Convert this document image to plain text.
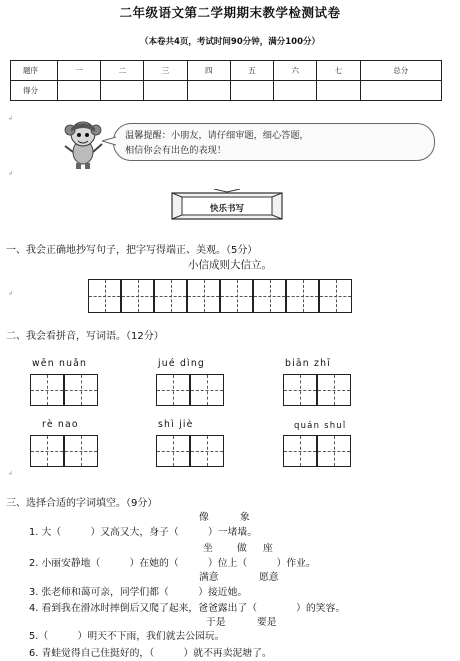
二年级语文第二学期期末教学检测试卷
（本卷共4页，考试时间90分钟，满分100分）
题序	一	二	三	四	五	六	七	总分
得分								
温馨提醒：小朋友，请仔细审题，细心答题，
相信你会有出色的表现！
快乐书写
一、我会正确地抄写句子，把字写得端正、美观。（5分）
小信成则大信立。
二、我会看拼音，写词语。（12分）
wēn nuǎn	jué dìng	biān zhī
rè nao	shì jiè	quán shuǐ
三、选择合适的字词填空。（9分）
像	象
1. 大（　　　）又高又大，身子（　　　）一堵墙。
坐 做 座
2. 小丽安静地（　　　）在她的（　　　）位上（　　　）作业。
满意	愿意
3. 张老师和蔼可亲，同学们都（　　　）接近她。
4. 看到我在滑冰时摔倒后又爬了起来，爸爸露出了（　　　　）的笑容。
于是	要是
5.（　　　）明天不下雨，我们就去公园玩。
6. 青蛙觉得自己住挺好的，（　　　）就不再卖泥塘了。
↲
↲
↲
↲
